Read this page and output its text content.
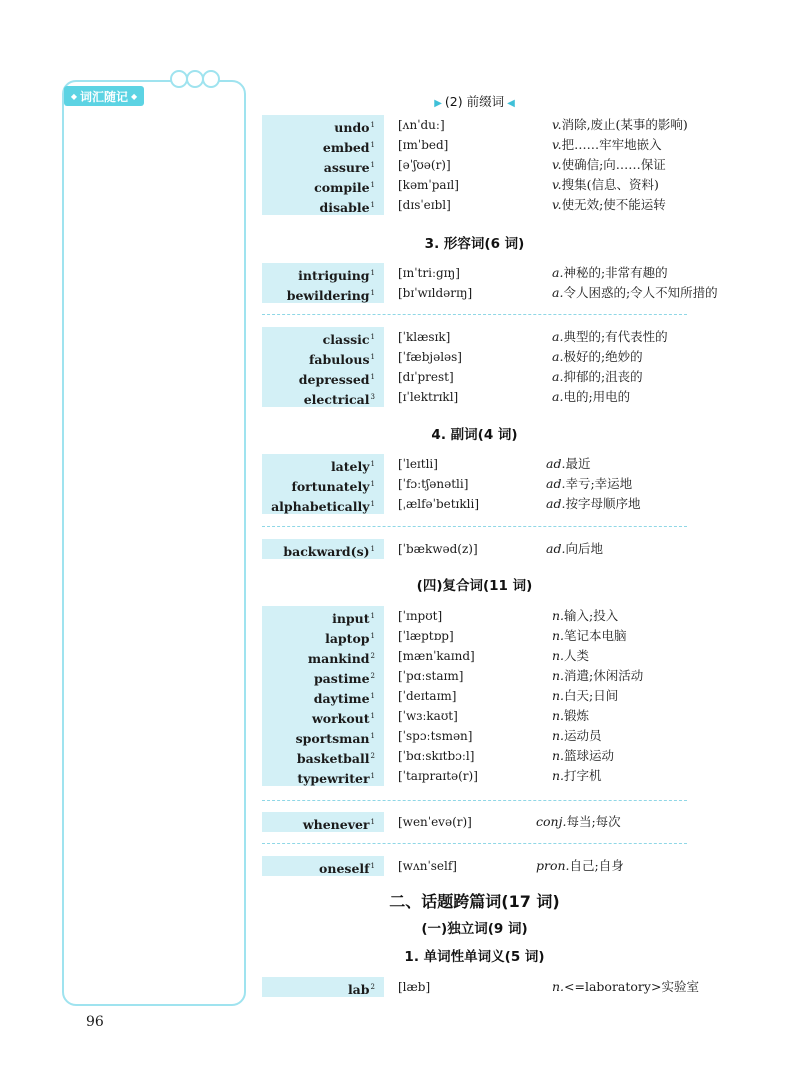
◆ 词汇随记 ◆
▶ (2) 前缀词 ◀
undo$^1$	[ʌnˈduː]	v.消除,废止(某事的影响)
embed$^1$	[ɪmˈbed]	v.把……牢牢地嵌入
assure$^1$	[əˈʃʊə(r)]	v.使确信;向……保证
compile$^1$	[kəmˈpaɪl]	v.搜集(信息、资料)
disable$^1$	[dɪsˈeɪbl]	v.使无效;使不能运转
3. 形容词(6 词)
intriguing$^1$	[ɪnˈtriːgɪŋ]	a.神秘的;非常有趣的
bewildering$^1$	[bɪˈwɪldərɪŋ]	a.令人困惑的;令人不知所措的
classic$^1$	[ˈklæsɪk]	a.典型的;有代表性的
fabulous$^1$	[ˈfæbjələs]	a.极好的;绝妙的
depressed$^1$	[dɪˈprest]	a.抑郁的;沮丧的
electrical$^3$	[ɪˈlektrɪkl]	a.电的;用电的
4. 副词(4 词)
lately$^1$	[ˈleɪtli]	ad.最近
fortunately$^1$	[ˈfɔːtʃənətli]	ad.幸亏;幸运地
alphabetically$^1$	[ˌælfəˈbetɪkli]	ad.按字母顺序地
$backward(s)^1$	[ˈbækwəd(z)]	ad.向后地
(四)复合词(11 词)
input$^1$	[ˈɪnpʊt]	n.输入;投入
laptop$^1$	[ˈlæptɒp]	n.笔记本电脑
mankind$^2$	[mænˈkaɪnd]	n.人类
pastime$^2$	[ˈpɑːstaɪm]	n.消遣;休闲活动
daytime$^1$	[ˈdeɪtaɪm]	n.白天;日间
workout$^1$	[ˈwɜːkaʊt]	n.锻炼
sportsman$^1$	[ˈspɔːtsmən]	n.运动员
basketball$^2$	[ˈbɑːskɪtbɔːl]	n.篮球运动
typewriter$^1$	[ˈtaɪpraɪtə(r)]	n.打字机
whenever$^1$	[wenˈevə(r)]	conj.每当;每次
oneself$^1$	[wʌnˈself]	pron.自己;自身
二、话题跨篇词(17 词)
(一)独立词(9 词)
1. 单词性单词义(5 词)
lab$^2$	[læb]	n.<=laboratory>实验室
96
